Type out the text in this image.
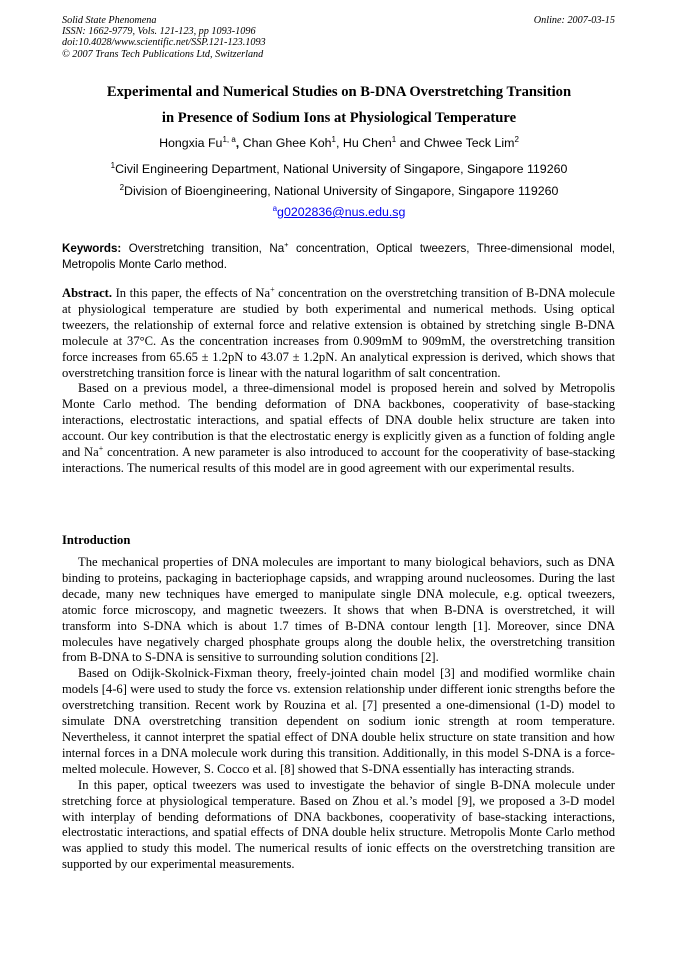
Solid State Phenomena
ISSN: 1662-9779, Vols. 121-123, pp 1093-1096
doi:10.4028/www.scientific.net/SSP.121-123.1093
© 2007 Trans Tech Publications Ltd, Switzerland
Online: 2007-03-15
Experimental and Numerical Studies on B-DNA Overstretching Transition
in Presence of Sodium Ions at Physiological Temperature
Hongxia Fu$^{1, a}$, Chan Ghee Koh$^1$, Hu Chen$^1$ and Chwee Teck Lim$^2$
$^1$Civil Engineering Department, National University of Singapore, Singapore 119260
$^2$Division of Bioengineering, National University of Singapore, Singapore 119260
$^a$g0202836@nus.edu.sg
Keywords: Overstretching transition, Na+ concentration, Optical tweezers, Three-dimensional model, Metropolis Monte Carlo method.

Abstract. In this paper, the effects of Na+ concentration on the overstretching transition of B-DNA molecule at physiological temperature are studied by both experimental and numerical methods. Using optical tweezers, the relationship of external force and relative extension is obtained by stretching single B-DNA molecule at 37°C. As the concentration increases from 0.909mM to 909mM, the overstretching transition force increases from 65.65 ± 1.2pN to 43.07 ± 1.2pN. An analytical expression is derived, which shows that overstretching transition force is linear with the natural logarithm of salt concentration.

Based on a previous model, a three-dimensional model is proposed herein and solved by Metropolis Monte Carlo method. The bending deformation of DNA backbones, cooperativity of base-stacking interactions, electrostatic interactions, and spatial effects of DNA double helix structure are taken into account. Our key contribution is that the electrostatic energy is explicitly given as a function of folding angle and Na+ concentration. A new parameter is also introduced to account for the cooperativity of base-stacking interactions. The numerical results of this model are in good agreement with our experimental results.

Introduction

The mechanical properties of DNA molecules are important to many biological behaviors, such as DNA binding to proteins, packaging in bacteriophage capsids, and wrapping around nucleosomes. During the last decade, many new techniques have emerged to manipulate single DNA molecule, e.g. optical tweezers, atomic force microscopy, and magnetic tweezers. It shows that when B-DNA is overstretched, it will transform into S-DNA which is about 1.7 times of B-DNA contour length [1]. Moreover, since DNA molecules have negatively charged phosphate groups along the double helix, the overstretching transition from B-DNA to S-DNA is sensitive to surrounding solution conditions [2].

Based on Odijk-Skolnick-Fixman theory, freely-jointed chain model [3] and modified wormlike chain models [4-6] were used to study the force vs. extension relationship under different ionic strengths before the overstretching transition. Recent work by Rouzina et al. [7] presented a one-dimensional (1-D) model to simulate DNA overstretching transition dependent on sodium ionic strength at room temperature. Nevertheless, it cannot interpret the spatial effect of DNA double helix structure on state transition and how internal forces in a DNA molecule work during this transition. Additionally, in this model S-DNA is a force-melted molecule. However, S. Cocco et al. [8] showed that S-DNA essentially has interacting strands.

In this paper, optical tweezers was used to investigate the behavior of single B-DNA molecule under stretching force at physiological temperature. Based on Zhou et al.’s model [9], we proposed a 3-D model with interplay of bending deformations of DNA backbones, cooperativity of base-stacking interactions, electrostatic interactions, and spatial effects of DNA double helix structure. Metropolis Monte Carlo method was applied to study this model. The numerical results of ionic effects on the overstretching transition are supported by our experimental measurements.
